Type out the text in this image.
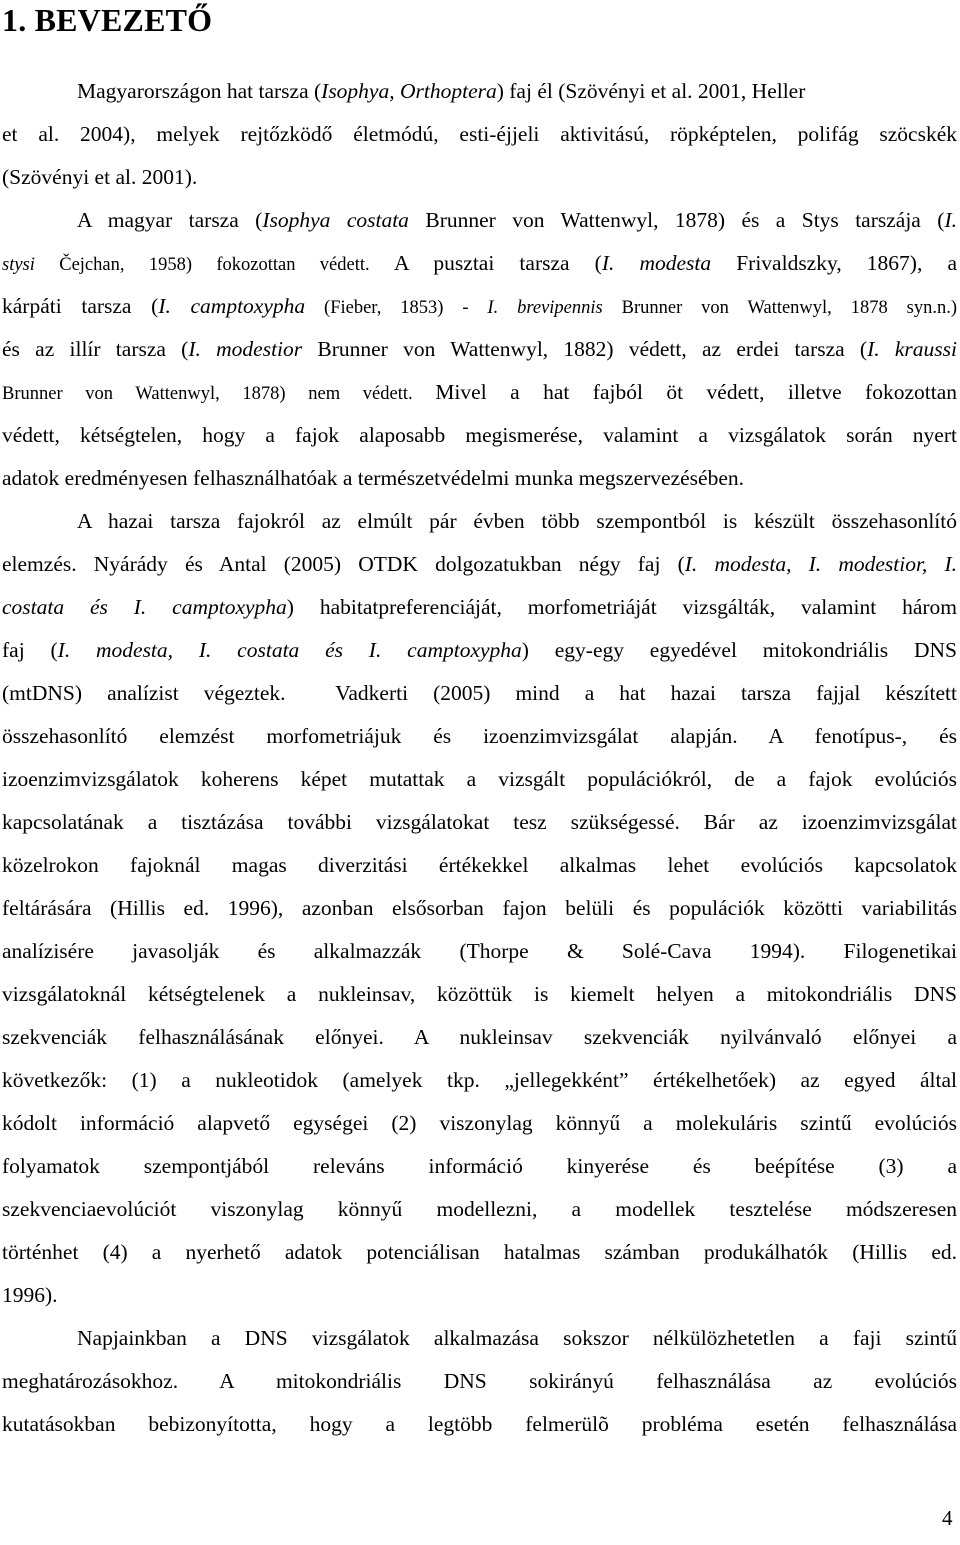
1. BEVEZETŐ
Magyarországon hat tarsza (Isophya, Orthoptera) faj él (Szövényi et al. 2001, Heller
et al. 2004), melyek rejtőzködő életmódú, esti-éjjeli aktivitású, röpképtelen, polifág szöcskék
(Szövényi et al. 2001).
A magyar tarsza (Isophya costata Brunner von Wattenwyl, 1878) és a Stys tarszája (I.
stysi Čejchan, 1958) fokozottan védett. A pusztai tarsza (I. modesta Frivaldszky, 1867), a
kárpáti tarsza (I. camptoxypha (Fieber, 1853) - I. brevipennis Brunner von Wattenwyl, 1878 syn.n.)
és az illír tarsza (I. modestior Brunner von Wattenwyl, 1882) védett, az erdei tarsza (I. kraussi
Brunner von Wattenwyl, 1878) nem védett. Mivel a hat fajból öt védett, illetve fokozottan
védett, kétségtelen, hogy a fajok alaposabb megismerése, valamint a vizsgálatok során nyert
adatok eredményesen felhasználhatóak a természetvédelmi munka megszervezésében.
A hazai tarsza fajokról az elmúlt pár évben több szempontból is készült összehasonlító
elemzés. Nyárády és Antal (2005) OTDK dolgozatukban négy faj (I. modesta, I. modestior, I.
costata és I. camptoxypha) habitatpreferenciáját, morfometriáját vizsgálták, valamint három
faj (I. modesta, I. costata és I. camptoxypha) egy-egy egyedével mitokondriális DNS
(mtDNS) analízist végeztek.  Vadkerti (2005) mind a hat hazai tarsza fajjal készített
összehasonlító elemzést morfometriájuk és izoenzimvizsgálat alapján. A fenotípus-, és
izoenzimvizsgálatok koherens képet mutattak a vizsgált populációkról, de a fajok evolúciós
kapcsolatának a tisztázása további vizsgálatokat tesz szükségessé. Bár az izoenzimvizsgálat
közelrokon fajoknál magas diverzitási értékekkel alkalmas lehet evolúciós kapcsolatok
feltárására (Hillis ed. 1996), azonban elsősorban fajon belüli és populációk közötti variabilitás
analízisére javasolják és alkalmazzák (Thorpe & Solé-Cava 1994). Filogenetikai
vizsgálatoknál kétségtelenek a nukleinsav, közöttük is kiemelt helyen a mitokondriális DNS
szekvenciák felhasználásának előnyei. A nukleinsav szekvenciák nyilvánvaló előnyei a
következők: (1) a nukleotidok (amelyek tkp. „jellegekként” értékelhetőek) az egyed által
kódolt információ alapvető egységei (2) viszonylag könnyű a molekuláris szintű evolúciós
folyamatok szempontjából releváns információ kinyerése és beépítése (3) a
szekvenciaevolúciót viszonylag könnyű modellezni, a modellek tesztelése módszeresen
történhet (4) a nyerhető adatok potenciálisan hatalmas számban produkálhatók (Hillis ed.
1996).
Napjainkban a DNS vizsgálatok alkalmazása sokszor nélkülözhetetlen a faji szintű
meghatározásokhoz. A mitokondriális DNS sokirányú felhasználása az evolúciós
kutatásokban bebizonyította, hogy a legtöbb felmerülõ probléma esetén felhasználása
4
